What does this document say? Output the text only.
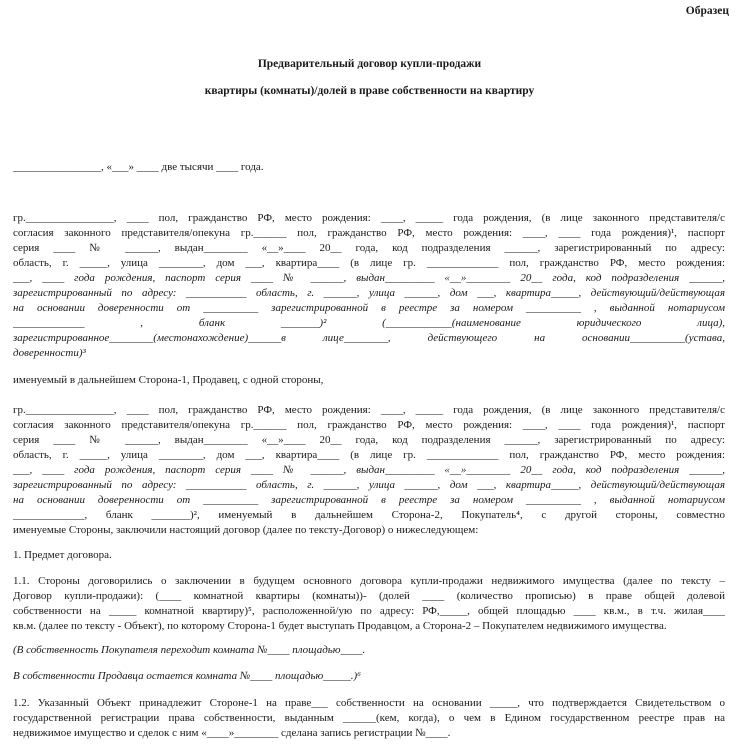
Образец
Предварительный договор купли-продажи
квартиры (комнаты)/долей в праве собственности на квартиру
________________, «___» ____ две тысячи ____ года.
гр.________________, ____ пол, гражданство РФ, место рождения: ____, _____ года рождения, (в лице законного представителя/с
согласия законного представителя/опекуна гр.______ пол, гражданство РФ, место рождения: ____, ____ года рождения)¹, паспорт
серия ____ № ______, выдан________ «__»____ 20__ года, код подразделения ______, зарегистрированный по адресу:
область, г. _____, улица ________, дом ___, квартира____ (в лице гр. _____________ пол, гражданство РФ, место рождения:
___, ____ года рождения, паспорт серия ____ № ______, выдан_________ «__»________ 20__ года, код подразделения ______,
зарегистрированный по адресу: ___________ область, г. ______, улица ______, дом ___, квартира_____, действующий/действующая
на основании доверенности от __________ зарегистрированной в реестре за номером __________ , выданной нотариусом
_____________ , бланк _______)² (____________(наименование юридического лица),
зарегистрированное________(местонахождение)______в лице________, действующего на основании__________(устава,
доверенности)³
именуемый в дальнейшем Сторона-1, Продавец, с одной стороны,
гр.________________, ____ пол, гражданство РФ, место рождения: ____, _____ года рождения, (в лице законного представителя/с
согласия законного представителя/опекуна гр.______ пол, гражданство РФ, место рождения: ____, ____ года рождения)¹, паспорт
серия ____ № ______, выдан________ «__»____ 20__ года, код подразделения ______, зарегистрированный по адресу:
область, г. _____, улица ________, дом ___, квартира____ (в лице гр. _____________ пол, гражданство РФ, место рождения:
___, ____ года рождения, паспорт серия ____ № ______, выдан_________ «__»________ 20__ года, код подразделения ______,
зарегистрированный по адресу: ___________ область, г. ______, улица ______, дом ___, квартира_____, действующий/действующая
на основании доверенности от __________ зарегистрированной в реестре за номером __________ , выданной нотариусом
_____________, бланк _______)², именуемый в дальнейшем Сторона-2, Покупатель⁴, с другой стороны, совместно
именуемые Стороны, заключили настоящий договор (далее по тексту-Договор) о нижеследующем:
1. Предмет договора.
1.1. Стороны договорились о заключении в будущем основного договора купли-продажи недвижимого имущества (далее по тексту –
Договор купли-продажи): (____ комнатной квартиры (комнаты))- (долей ____ (количество прописью) в праве общей долевой
собственности на _____ комнатной квартиру)⁵, расположенной/ую по адресу: РФ,_____, общей площадью ____ кв.м., в т.ч. жилая____
кв.м. (далее по тексту - Объект), по которому Сторона-1 будет выступать Продавцом, а Сторона-2 – Покупателем недвижимого имущества.
(В собственность Покупателя переходит комната №____ площадью____.
В собственности Продавца остается комната №____ площадью_____.)⁶
1.2. Указанный Объект принадлежит Стороне-1 на праве___ собственности на основании _____, что подтверждается Свидетельством о
государственной регистрации права собственности, выданным ______(кем, когда), о чем в Едином государственном реестре прав на
недвижимое имущество и сделок с ним «____»________ сделана запись регистрации №____.
